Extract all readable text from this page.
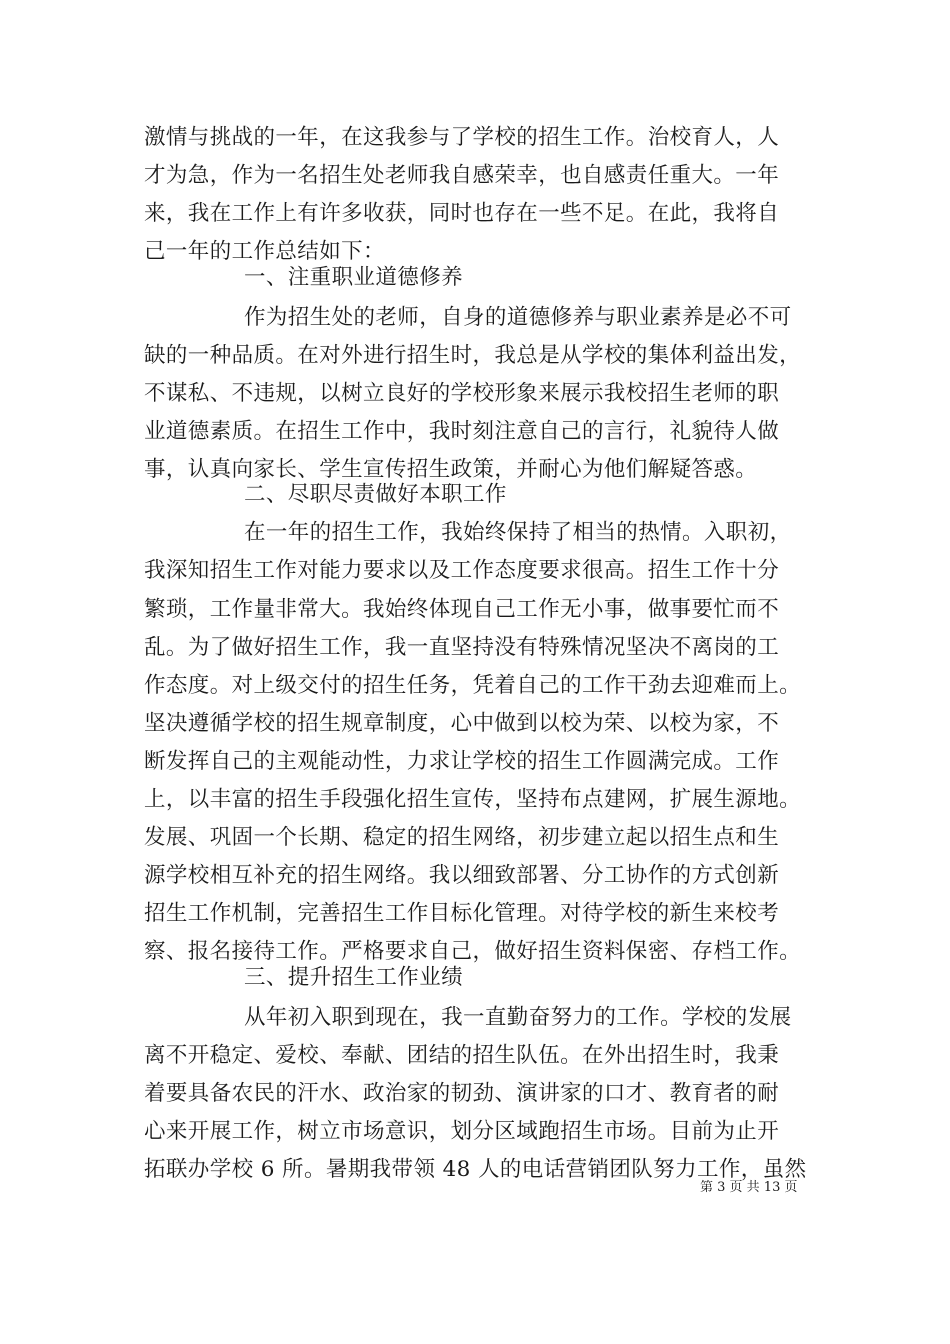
激情与挑战的一年，在这我参与了学校的招生工作。治校育人，人
才为急，作为一名招生处老师我自感荣幸，也自感责任重大。一年
来，我在工作上有许多收获，同时也存在一些不足。在此，我将自
己一年的工作总结如下：
一、注重职业道德修养
作为招生处的老师，自身的道德修养与职业素养是必不可
缺的一种品质。在对外进行招生时，我总是从学校的集体利益出发，
不谋私、不违规，以树立良好的学校形象来展示我校招生老师的职
业道德素质。在招生工作中，我时刻注意自己的言行，礼貌待人做
事，认真向家长、学生宣传招生政策，并耐心为他们解疑答惑。
二、尽职尽责做好本职工作
在一年的招生工作，我始终保持了相当的热情。入职初，
我深知招生工作对能力要求以及工作态度要求很高。招生工作十分
繁琐，工作量非常大。我始终体现自己工作无小事，做事要忙而不
乱。为了做好招生工作，我一直坚持没有特殊情况坚决不离岗的工
作态度。对上级交付的招生任务，凭着自己的工作干劲去迎难而上。
坚决遵循学校的招生规章制度，心中做到以校为荣、以校为家，不
断发挥自己的主观能动性，力求让学校的招生工作圆满完成。工作
上，以丰富的招生手段强化招生宣传，坚持布点建网，扩展生源地。
发展、巩固一个长期、稳定的招生网络，初步建立起以招生点和生
源学校相互补充的招生网络。我以细致部署、分工协作的方式创新
招生工作机制，完善招生工作目标化管理。对待学校的新生来校考
察、报名接待工作。严格要求自己，做好招生资料保密、存档工作。
三、提升招生工作业绩
从年初入职到现在，我一直勤奋努力的工作。学校的发展
离不开稳定、爱校、奉献、团结的招生队伍。在外出招生时，我秉
着要具备农民的汗水、政治家的韧劲、演讲家的口才、教育者的耐
心来开展工作，树立市场意识，划分区域跑招生市场。目前为止开
拓联办学校 6 所。暑期我带领 48 人的电话营销团队努力工作，虽然
第 3 页 共 13 页
